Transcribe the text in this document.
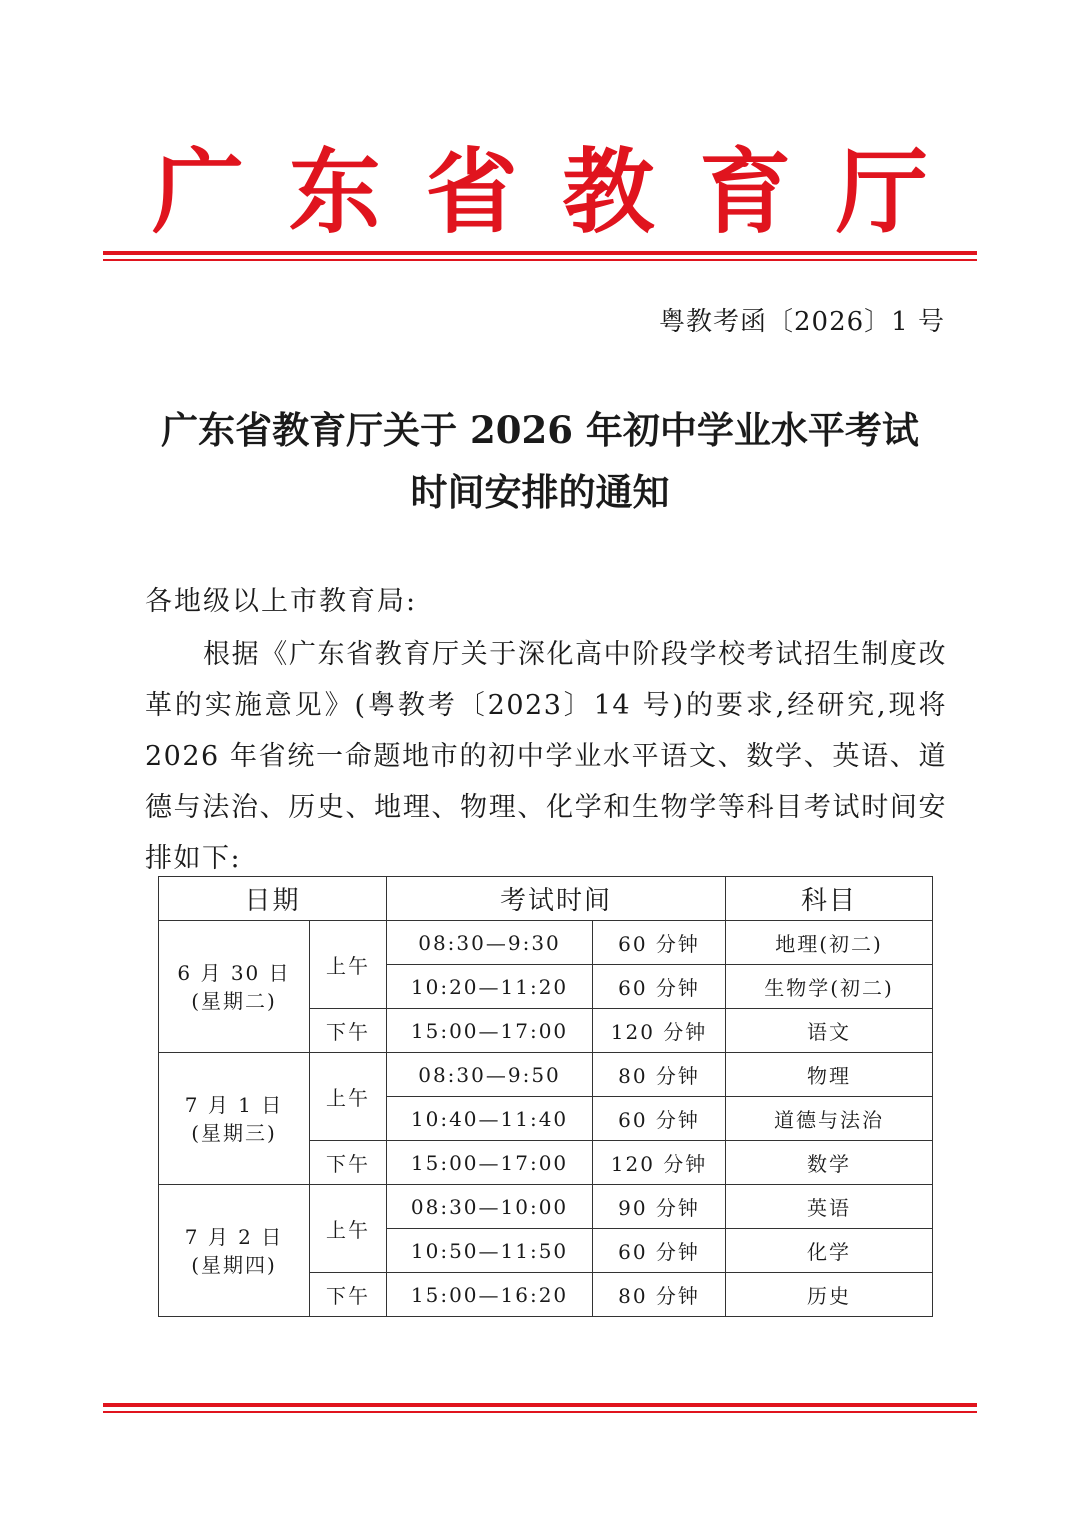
广 东 省 教 育 厅
粤教考函〔2026〕1 号
广东省教育厅关于 2026 年初中学业水平考试
时间安排的通知
各地级以上市教育局:
根据《广东省教育厅关于深化高中阶段学校考试招生制度改革的实施意见》(粤教考〔2023〕14 号)的要求,经研究,现将 2026 年省统一命题地市的初中学业水平语文、数学、英语、道德与法治、历史、地理、物理、化学和生物学等科目考试时间安排如下:
日期		考试时间		科目

6 月 30 日
(星期二)	上午	08:30—9:30	60 分钟	地理(初二)
		10:20—11:20	60 分钟	生物学(初二)
	下午	15:00—17:00	120 分钟	语文

7 月 1 日
(星期三)	上午	08:30—9:50	80 分钟	物理
		10:40—11:40	60 分钟	道德与法治
	下午	15:00—17:00	120 分钟	数学

7 月 2 日
(星期四)	上午	08:30—10:00	90 分钟	英语
		10:50—11:50	60 分钟	化学
	下午	15:00—16:20	80 分钟	历史
